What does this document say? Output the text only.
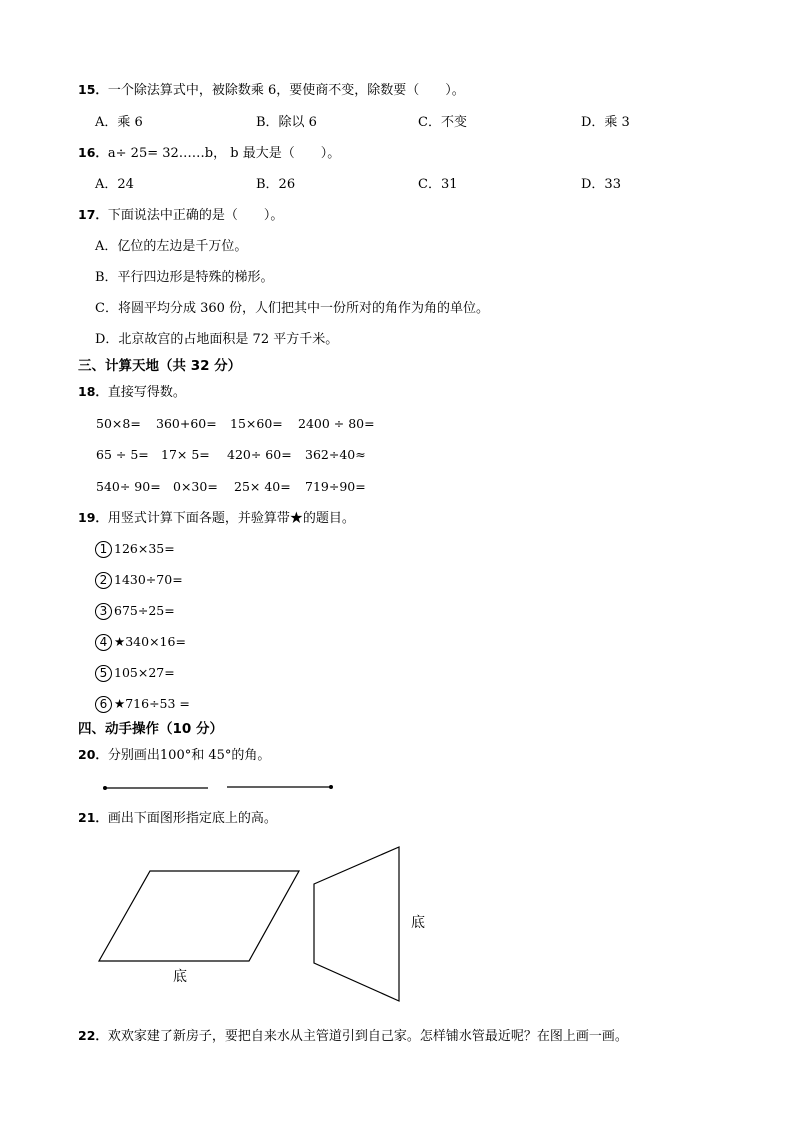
15．一个除法算式中，被除数乘 6，要使商不变，除数要（　　）。
A．乘 6	B．除以 6	C．不变	D．乘 3
16．a÷ 25= 32……b， b 最大是（　　）。
A．24	B．26	C．31	D．33
17．下面说法中正确的是（　　）。
A．亿位的左边是千万位。
B．平行四边形是特殊的梯形。
C．将圆平均分成 360 份，人们把其中一份所对的角作为角的单位。
D．北京故宫的占地面积是 72 平方千米。
三、计算天地（共 32 分）
18．直接写得数。
50×8= 360+60= 15×60= 2400 ÷ 80=
65 ÷ 5= 17× 5= 420÷ 60= 362÷40≈
540÷ 90= 0×30= 25× 40= 719÷90=
19．用竖式计算下面各题，并验算带★的题目。
1 126×35=
2 1430÷70=
3 675÷25=
4 ★340×16=
5 105×27=
6 ★716÷53 =
四、动手操作（10 分）
20．分别画出100°和 45°的角。
21．画出下面图形指定底上的高。
底
底
22．欢欢家建了新房子，要把自来水从主管道引到自己家。怎样铺水管最近呢？在图上画一画。
